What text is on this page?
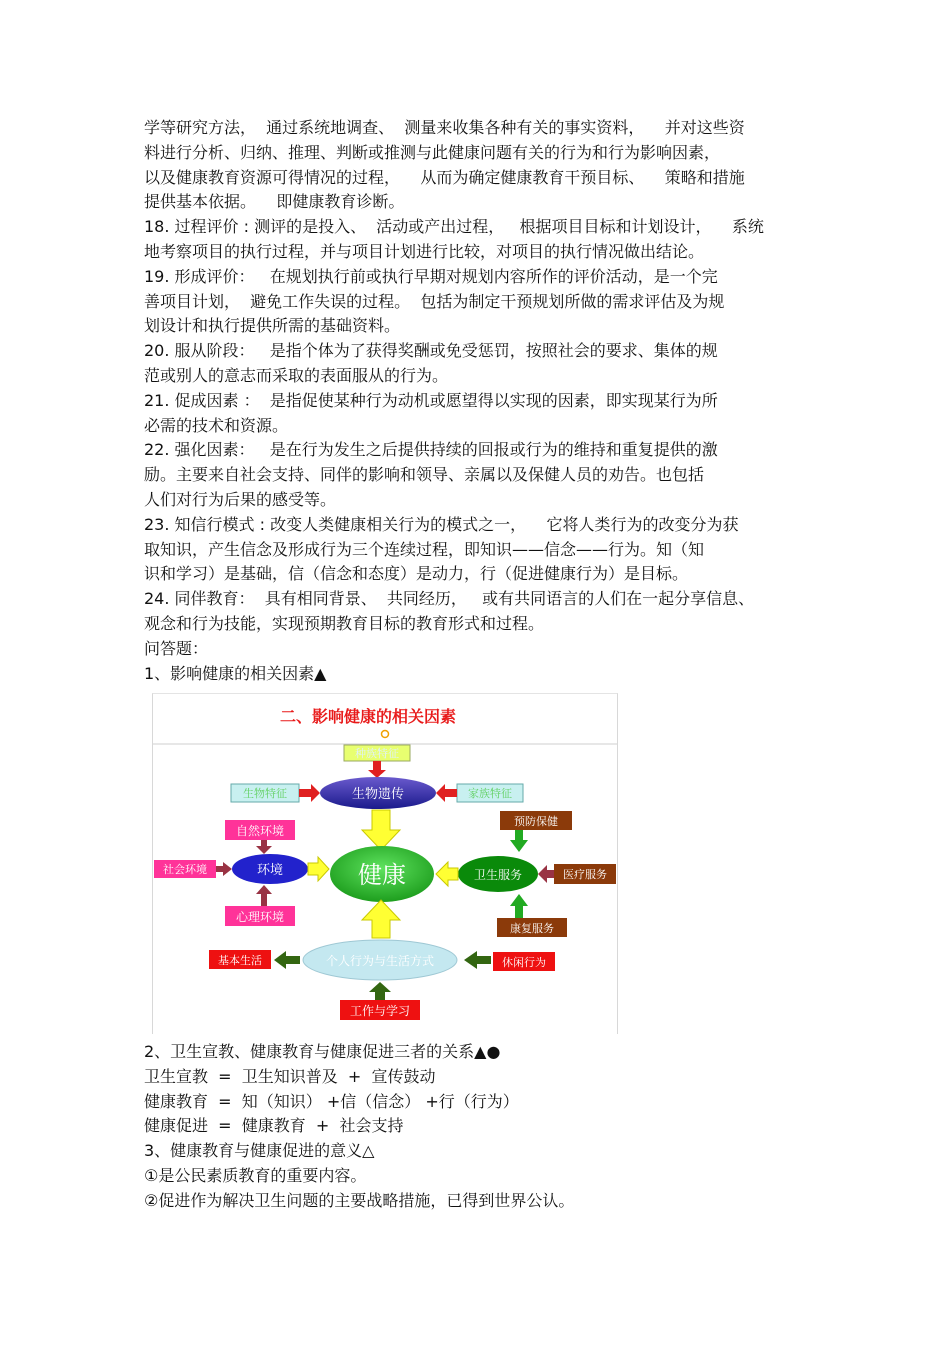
学等研究方法，  通过系统地调查、  测量来收集各种有关的事实资料，    并对这些资
料进行分析、归纳、推理、判断或推测与此健康问题有关的行为和行为影响因素，
以及健康教育资源可得情况的过程，    从而为确定健康教育干预目标、    策略和措施
提供基本依据。    即健康教育诊断。
18. 过程评价 : 测评的是投入、  活动或产出过程，   根据项目目标和计划设计，    系统
地考察项目的执行过程，并与项目计划进行比较，对项目的执行情况做出结论。
19. 形成评价：   在规划执行前或执行早期对规划内容所作的评价活动，是一个完
善项目计划，  避免工作失误的过程。  包括为制定干预规划所做的需求评估及为规
划设计和执行提供所需的基础资料。
20. 服从阶段：   是指个体为了获得奖酬或免受惩罚，按照社会的要求、集体的规
范或别人的意志而采取的表面服从的行为。
21. 促成因素 ：  是指促使某种行为动机或愿望得以实现的因素，即实现某行为所
必需的技术和资源。
22. 强化因素：   是在行为发生之后提供持续的回报或行为的维持和重复提供的激
励。主要来自社会支持、同伴的影响和领导、亲属以及保健人员的劝告。也包括
人们对行为后果的感受等。
23. 知信行模式 : 改变人类健康相关行为的模式之一，    它将人类行为的改变分为获
取知识，产生信念及形成行为三个连续过程，即知识——信念——行为。知（知
识和学习）是基础，信（信念和态度）是动力，行（促进健康行为）是目标。
24. 同伴教育：  具有相同背景、  共同经历，   或有共同语言的人们在一起分享信息、
观念和行为技能，实现预期教育目标的教育形式和过程。
问答题：
1、影响健康的相关因素▲
二、影响健康的相关因素
种族特征
生物遗传
生物特征	家族特征
健康
环境
自然环境
社会环境
心理环境
卫生服务
预防保健
医疗服务
康复服务
个人行为与生活方式
基本生活	休闲行为
工作与学习
2、卫生宣教、健康教育与健康促进三者的关系▲●
卫生宣教  =  卫生知识普及  +  宣传鼓动
健康教育  =  知（知识） +信（信念） +行（行为）
健康促进  =  健康教育  +  社会支持
3、健康教育与健康促进的意义△
①是公民素质教育的重要内容。
②促进作为解决卫生问题的主要战略措施，已得到世界公认。
